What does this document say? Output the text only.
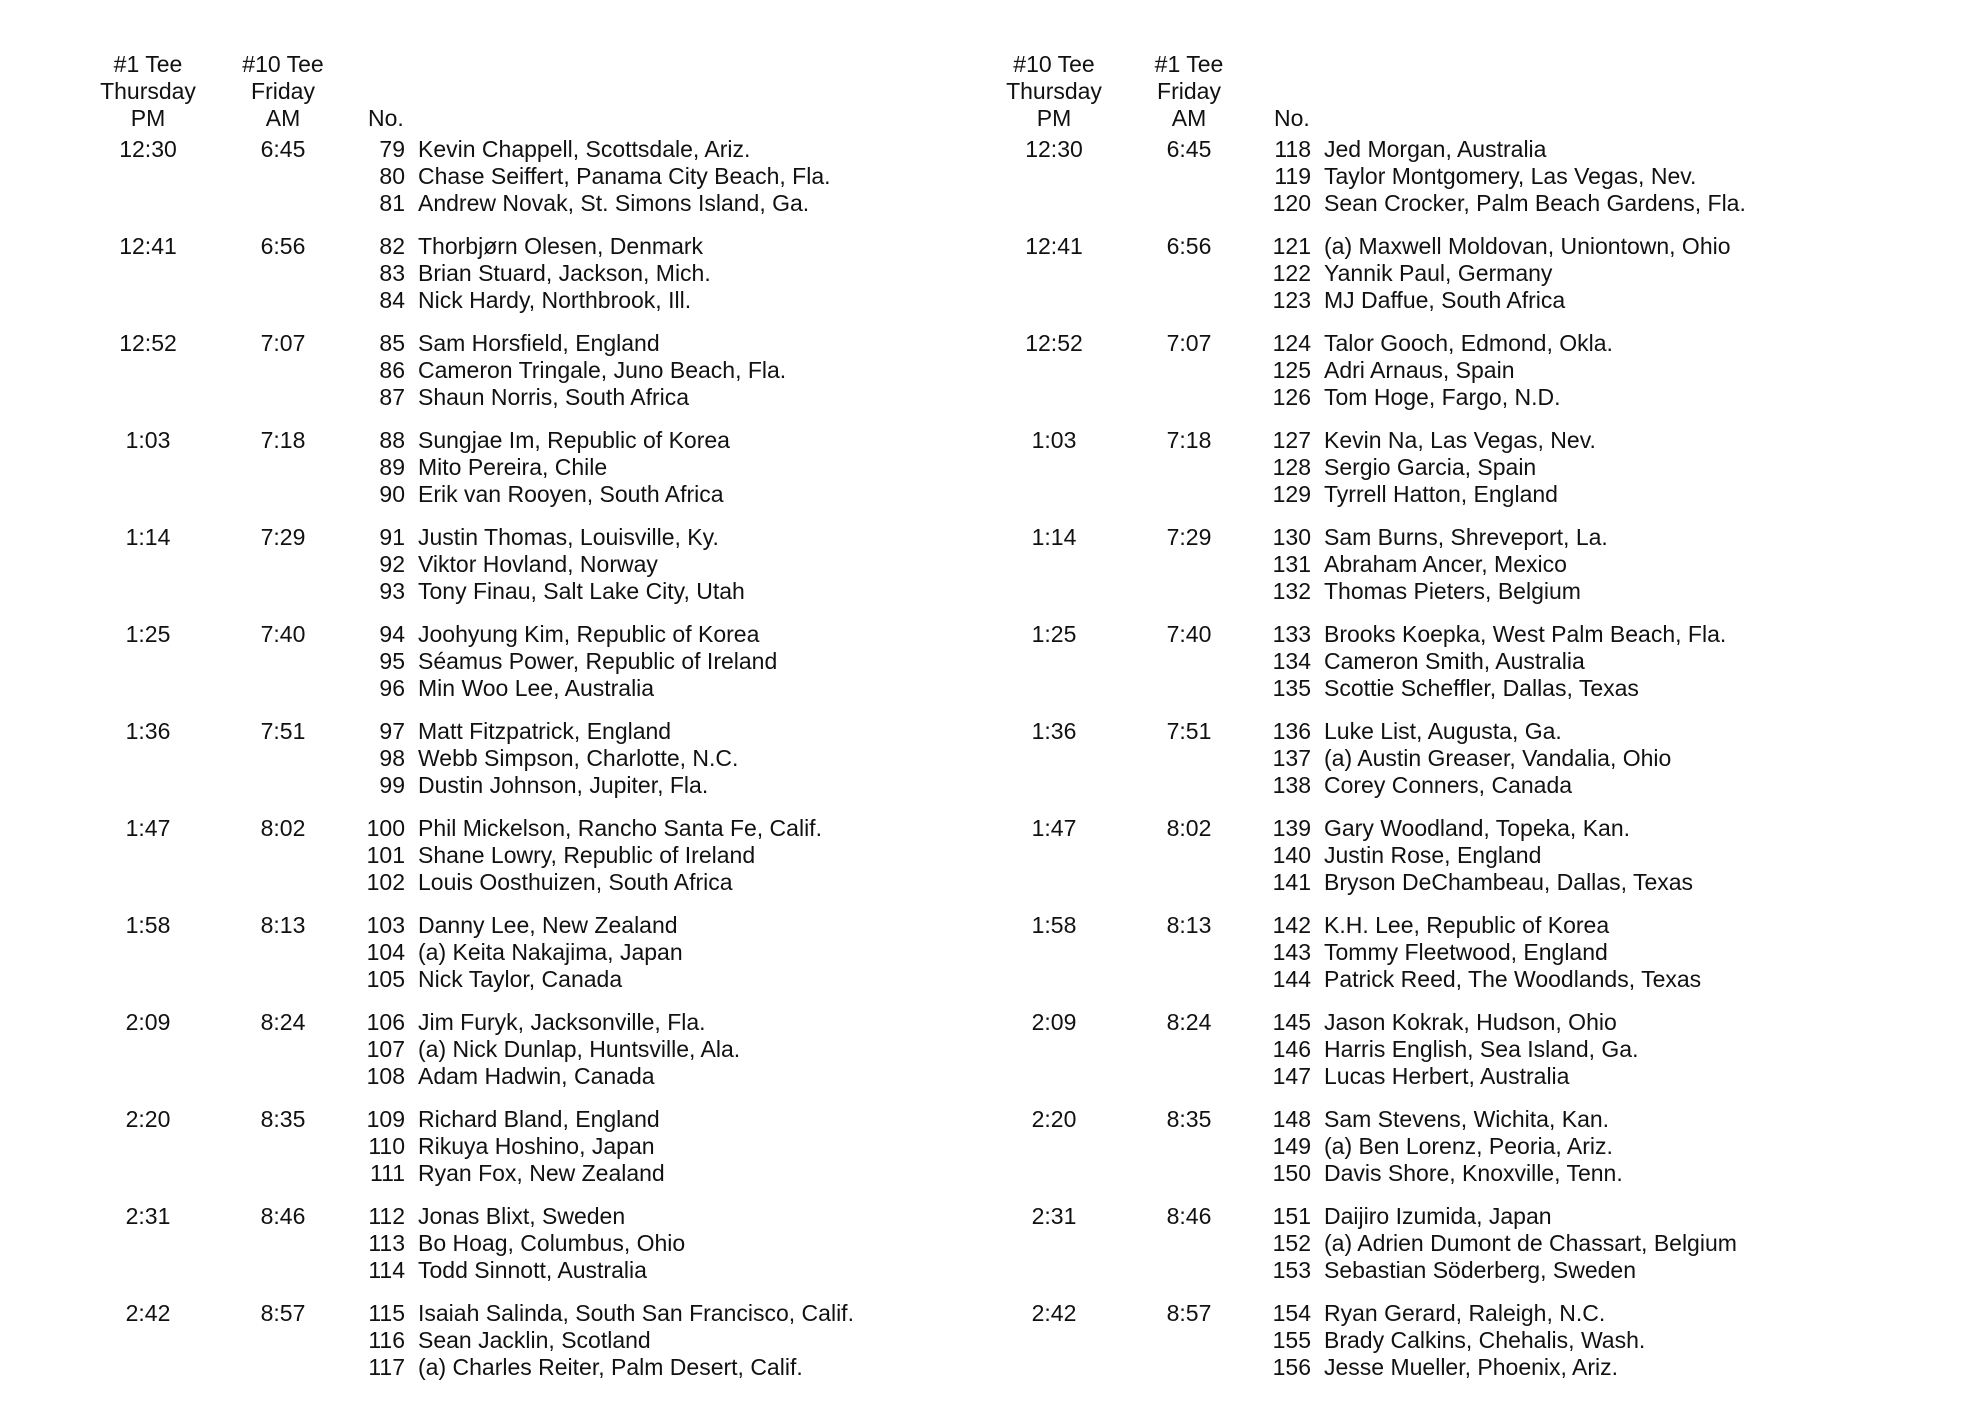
#1 Tee
Thursday
PM
#10 Tee
Friday
AM	No.
12:30	6:45	79 Kevin Chappell, Scottsdale, Ariz.
80 Chase Seiffert, Panama City Beach, Fla.
81 Andrew Novak, St. Simons Island, Ga.
12:41	6:56	82 Thorbjørn Olesen, Denmark
83 Brian Stuard, Jackson, Mich.
84 Nick Hardy, Northbrook, Ill.
12:52	7:07	85 Sam Horsfield, England
86 Cameron Tringale, Juno Beach, Fla.
87 Shaun Norris, South Africa
1:03	7:18	88 Sungjae Im, Republic of Korea
89 Mito Pereira, Chile
90 Erik van Rooyen, South Africa
1:14	7:29	91 Justin Thomas, Louisville, Ky.
92 Viktor Hovland, Norway
93 Tony Finau, Salt Lake City, Utah
1:25	7:40	94 Joohyung Kim, Republic of Korea
95 Séamus Power, Republic of Ireland
96 Min Woo Lee, Australia
1:36	7:51	97 Matt Fitzpatrick, England
98 Webb Simpson, Charlotte, N.C.
99 Dustin Johnson, Jupiter, Fla.
1:47	8:02	100 Phil Mickelson, Rancho Santa Fe, Calif.
101 Shane Lowry, Republic of Ireland
102 Louis Oosthuizen, South Africa
1:58	8:13	103 Danny Lee, New Zealand
104 (a) Keita Nakajima, Japan
105 Nick Taylor, Canada
2:09	8:24	106 Jim Furyk, Jacksonville, Fla.
107 (a) Nick Dunlap, Huntsville, Ala.
108 Adam Hadwin, Canada
2:20	8:35	109 Richard Bland, England
110 Rikuya Hoshino, Japan
111 Ryan Fox, New Zealand
2:31	8:46	112 Jonas Blixt, Sweden
113 Bo Hoag, Columbus, Ohio
114 Todd Sinnott, Australia
2:42	8:57	115 Isaiah Salinda, South San Francisco, Calif.
116 Sean Jacklin, Scotland
117 (a) Charles Reiter, Palm Desert, Calif.
#10 Tee
Thursday
PM
#1 Tee
Friday
AM	No.
12:30	6:45	118 Jed Morgan, Australia
119 Taylor Montgomery, Las Vegas, Nev.
120 Sean Crocker, Palm Beach Gardens, Fla.
12:41	6:56	121 (a) Maxwell Moldovan, Uniontown, Ohio
122 Yannik Paul, Germany
123 MJ Daffue, South Africa
12:52	7:07	124 Talor Gooch, Edmond, Okla.
125 Adri Arnaus, Spain
126 Tom Hoge, Fargo, N.D.
1:03	7:18	127 Kevin Na, Las Vegas, Nev.
128 Sergio Garcia, Spain
129 Tyrrell Hatton, England
1:14	7:29	130 Sam Burns, Shreveport, La.
131 Abraham Ancer, Mexico
132 Thomas Pieters, Belgium
1:25	7:40	133 Brooks Koepka, West Palm Beach, Fla.
134 Cameron Smith, Australia
135 Scottie Scheffler, Dallas, Texas
1:36	7:51	136 Luke List, Augusta, Ga.
137 (a) Austin Greaser, Vandalia, Ohio
138 Corey Conners, Canada
1:47	8:02	139 Gary Woodland, Topeka, Kan.
140 Justin Rose, England
141 Bryson DeChambeau, Dallas, Texas
1:58	8:13	142 K.H. Lee, Republic of Korea
143 Tommy Fleetwood, England
144 Patrick Reed, The Woodlands, Texas
2:09	8:24	145 Jason Kokrak, Hudson, Ohio
146 Harris English, Sea Island, Ga.
147 Lucas Herbert, Australia
2:20	8:35	148 Sam Stevens, Wichita, Kan.
149 (a) Ben Lorenz, Peoria, Ariz.
150 Davis Shore, Knoxville, Tenn.
2:31	8:46	151 Daijiro Izumida, Japan
152 (a) Adrien Dumont de Chassart, Belgium
153 Sebastian Söderberg, Sweden
2:42	8:57	154 Ryan Gerard, Raleigh, N.C.
155 Brady Calkins, Chehalis, Wash.
156 Jesse Mueller, Phoenix, Ariz.
